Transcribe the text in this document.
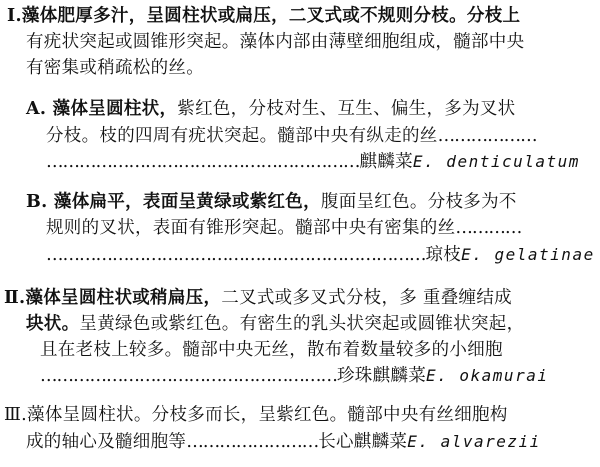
Ⅰ.藻体肥厚多汁，呈圆柱状或扁压，二叉式或不规则分枝。分枝上
有疣状突起或圆锥形突起。藻体内部由薄壁细胞组成，髓部中央
有密集或稍疏松的丝。
A. 藻体呈圆柱状，紫红色，分枝对生、互生、偏生，多为叉状
分枝。枝的四周有疣状突起。髓部中央有纵走的丝………………
…………………………………………………麒麟菜E. denticulatum
B. 藻体扁平，表面呈黄绿或紫红色，腹面呈红色。分枝多为不
规则的叉状，表面有锥形突起。髓部中央有密集的丝…………
……………………………………………………………琼枝E. gelatinae
Ⅱ.藻体呈圆柱状或稍扁压，二叉式或多叉式分枝，多 重叠缠结成
块状。呈黄绿色或紫红色。有密生的乳头状突起或圆锥状突起，
且在老枝上较多。髓部中央无丝，散布着数量较多的小细胞
………………………………………………珍珠麒麟菜E. okamurai
Ⅲ.藻体呈圆柱状。分枝多而长，呈紫红色。髓部中央有丝细胞构
成的轴心及髓细胞等……………………长心麒麟菜E. alvarezii
